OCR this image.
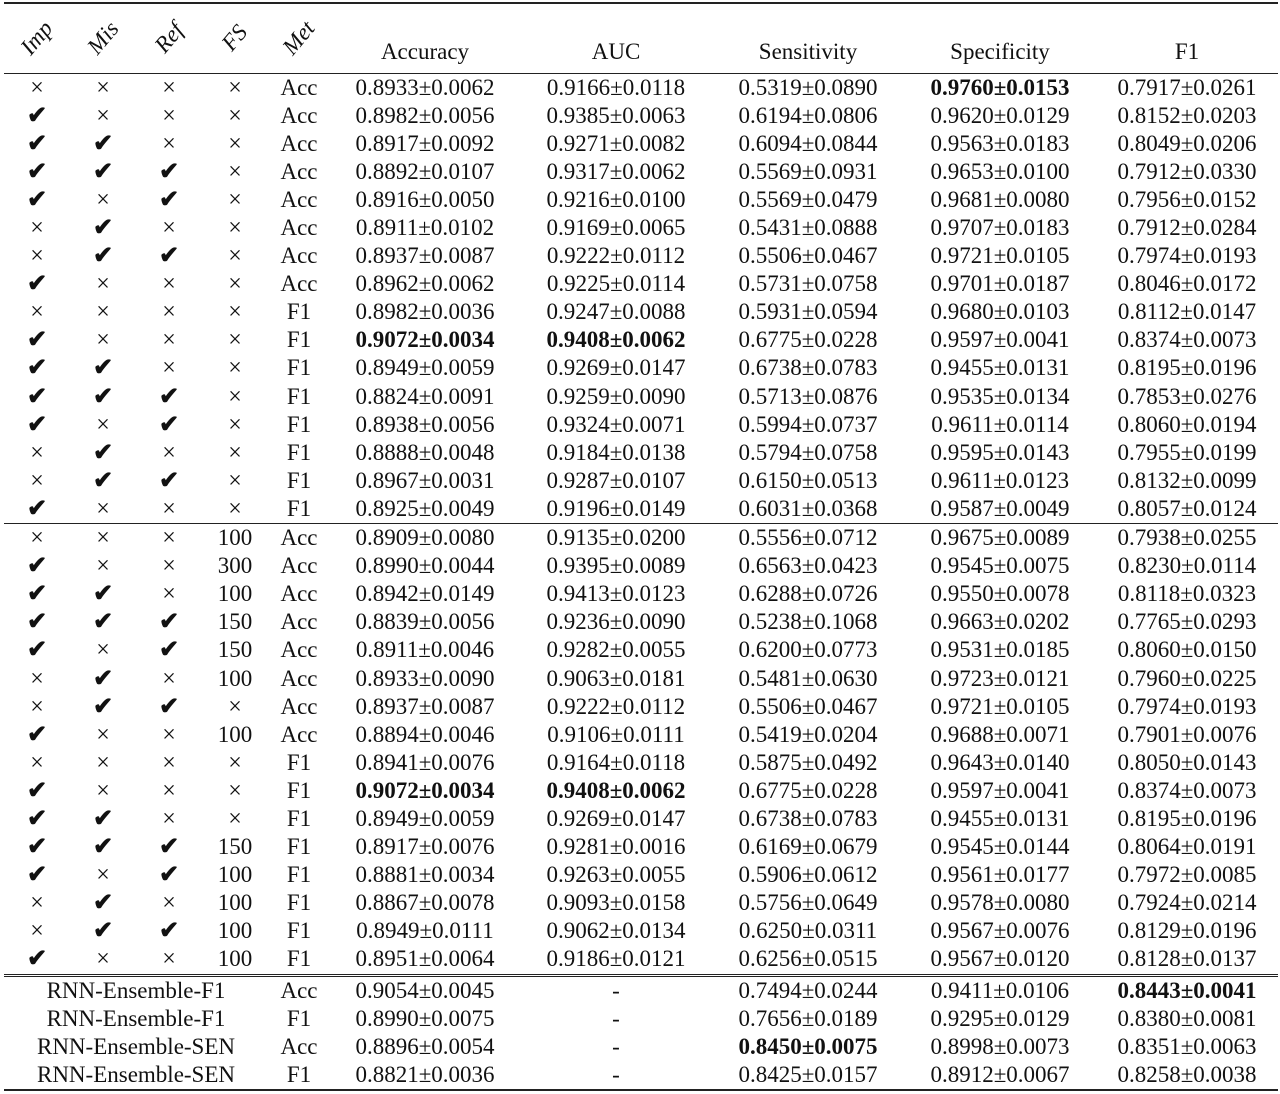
Imp	Mis	Ref	FS	Met	Accuracy	AUC	Sensitivity	Specificity	F1
×	×	×	×	Acc	0.8933±0.0062	0.9166±0.0118	0.5319±0.0890	0.9760±0.0153	0.7917±0.0261
✔	×	×	×	Acc	0.8982±0.0056	0.9385±0.0063	0.6194±0.0806	0.9620±0.0129	0.8152±0.0203
✔	✔	×	×	Acc	0.8917±0.0092	0.9271±0.0082	0.6094±0.0844	0.9563±0.0183	0.8049±0.0206
✔	✔	✔	×	Acc	0.8892±0.0107	0.9317±0.0062	0.5569±0.0931	0.9653±0.0100	0.7912±0.0330
✔	×	✔	×	Acc	0.8916±0.0050	0.9216±0.0100	0.5569±0.0479	0.9681±0.0080	0.7956±0.0152
×	✔	×	×	Acc	0.8911±0.0102	0.9169±0.0065	0.5431±0.0888	0.9707±0.0183	0.7912±0.0284
×	✔	✔	×	Acc	0.8937±0.0087	0.9222±0.0112	0.5506±0.0467	0.9721±0.0105	0.7974±0.0193
✔	×	×	×	Acc	0.8962±0.0062	0.9225±0.0114	0.5731±0.0758	0.9701±0.0187	0.8046±0.0172
×	×	×	×	F1	0.8982±0.0036	0.9247±0.0088	0.5931±0.0594	0.9680±0.0103	0.8112±0.0147
✔	×	×	×	F1	0.9072±0.0034	0.9408±0.0062	0.6775±0.0228	0.9597±0.0041	0.8374±0.0073
✔	✔	×	×	F1	0.8949±0.0059	0.9269±0.0147	0.6738±0.0783	0.9455±0.0131	0.8195±0.0196
✔	✔	✔	×	F1	0.8824±0.0091	0.9259±0.0090	0.5713±0.0876	0.9535±0.0134	0.7853±0.0276
✔	×	✔	×	F1	0.8938±0.0056	0.9324±0.0071	0.5994±0.0737	0.9611±0.0114	0.8060±0.0194
×	✔	×	×	F1	0.8888±0.0048	0.9184±0.0138	0.5794±0.0758	0.9595±0.0143	0.7955±0.0199
×	✔	✔	×	F1	0.8967±0.0031	0.9287±0.0107	0.6150±0.0513	0.9611±0.0123	0.8132±0.0099
✔	×	×	×	F1	0.8925±0.0049	0.9196±0.0149	0.6031±0.0368	0.9587±0.0049	0.8057±0.0124
×	×	×	100	Acc	0.8909±0.0080	0.9135±0.0200	0.5556±0.0712	0.9675±0.0089	0.7938±0.0255
✔	×	×	300	Acc	0.8990±0.0044	0.9395±0.0089	0.6563±0.0423	0.9545±0.0075	0.8230±0.0114
✔	✔	×	100	Acc	0.8942±0.0149	0.9413±0.0123	0.6288±0.0726	0.9550±0.0078	0.8118±0.0323
✔	✔	✔	150	Acc	0.8839±0.0056	0.9236±0.0090	0.5238±0.1068	0.9663±0.0202	0.7765±0.0293
✔	×	✔	150	Acc	0.8911±0.0046	0.9282±0.0055	0.6200±0.0773	0.9531±0.0185	0.8060±0.0150
×	✔	×	100	Acc	0.8933±0.0090	0.9063±0.0181	0.5481±0.0630	0.9723±0.0121	0.7960±0.0225
×	✔	✔	×	Acc	0.8937±0.0087	0.9222±0.0112	0.5506±0.0467	0.9721±0.0105	0.7974±0.0193
✔	×	×	100	Acc	0.8894±0.0046	0.9106±0.0111	0.5419±0.0204	0.9688±0.0071	0.7901±0.0076
×	×	×	×	F1	0.8941±0.0076	0.9164±0.0118	0.5875±0.0492	0.9643±0.0140	0.8050±0.0143
✔	×	×	×	F1	0.9072±0.0034	0.9408±0.0062	0.6775±0.0228	0.9597±0.0041	0.8374±0.0073
✔	✔	×	×	F1	0.8949±0.0059	0.9269±0.0147	0.6738±0.0783	0.9455±0.0131	0.8195±0.0196
✔	✔	✔	150	F1	0.8917±0.0076	0.9281±0.0016	0.6169±0.0679	0.9545±0.0144	0.8064±0.0191
✔	×	✔	100	F1	0.8881±0.0034	0.9263±0.0055	0.5906±0.0612	0.9561±0.0177	0.7972±0.0085
×	✔	×	100	F1	0.8867±0.0078	0.9093±0.0158	0.5756±0.0649	0.9578±0.0080	0.7924±0.0214
×	✔	✔	100	F1	0.8949±0.0111	0.9062±0.0134	0.6250±0.0311	0.9567±0.0076	0.8129±0.0196
✔	×	×	100	F1	0.8951±0.0064	0.9186±0.0121	0.6256±0.0515	0.9567±0.0120	0.8128±0.0137
RNN-Ensemble-F1				Acc	0.9054±0.0045	-	0.7494±0.0244	0.9411±0.0106	0.8443±0.0041
RNN-Ensemble-F1				F1	0.8990±0.0075	-	0.7656±0.0189	0.9295±0.0129	0.8380±0.0081
RNN-Ensemble-SEN				Acc	0.8896±0.0054	-	0.8450±0.0075	0.8998±0.0073	0.8351±0.0063
RNN-Ensemble-SEN				F1	0.8821±0.0036	-	0.8425±0.0157	0.8912±0.0067	0.8258±0.0038
